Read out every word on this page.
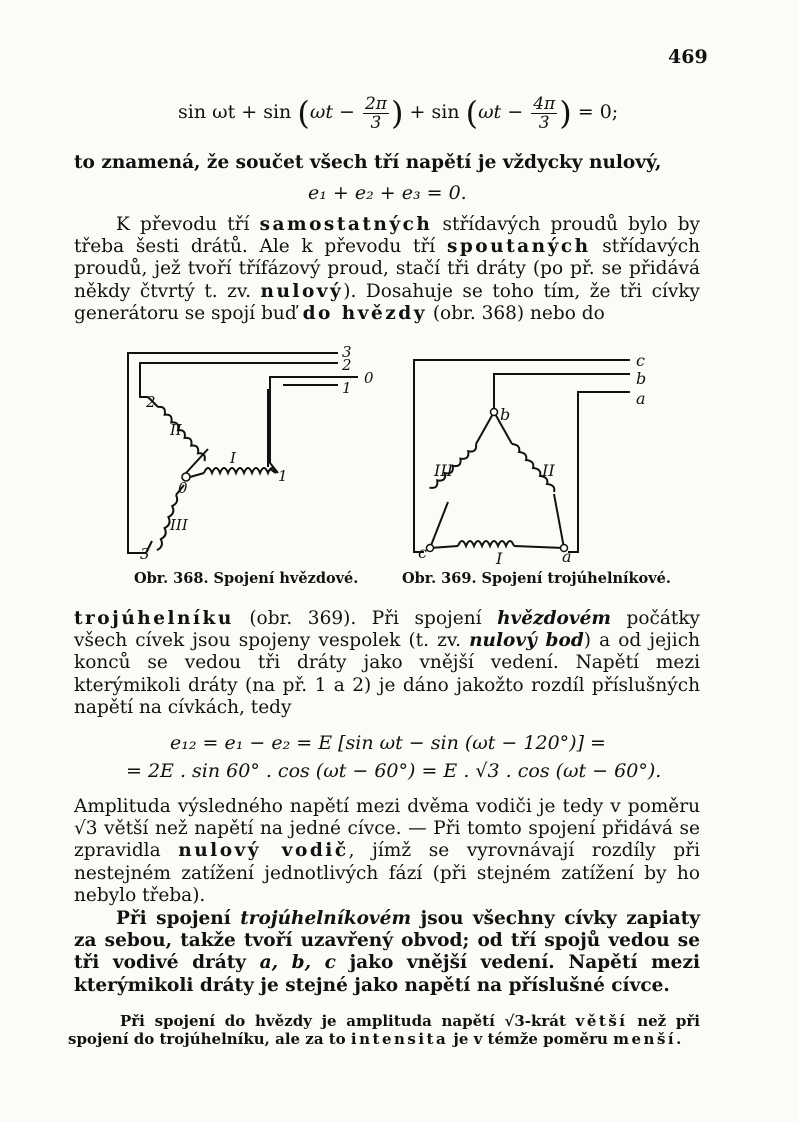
469
$\sin \omega t + \sin (\omega t - \frac{2\pi}{3}$ ) + $\sin (\omega t - \frac{4\pi}{3}$ ) = 0;

to znamená, že součet všech tří napětí je vždycky nulový,

e₁ + e₂ + e₃ = 0.

K převodu tří samostatných střídavých proudů bylo by třeba šesti drátů. Ale k převodu tří spoutaných střídavých proudů, jež tvoří třífázový proud, stačí tři dráty (po př. se přidává někdy čtvrtý t. zv. nulový). Dosahuje se toho tím, že tři cívky generátoru se spojí buď do hvězdy (obr. 368) nebo do

3
2
0
1
2
II
I
1
0
III
3
Obr. 368. Spojení hvězdové.
c
b
a
b
III	II
c	I	a
Obr. 369. Spojení trojúhelníkové.

trojúhelníku (obr. 369). Při spojení hvězdovém počátky všech cívek jsou spojeny vespolek (t. zv. nulový bod) a od jejich konců se vedou tři dráty jako vnější vedení. Napětí mezi kterýmikoli dráty (na př. 1 a 2) je dáno jakožto rozdíl příslušných napětí na cívkách, tedy

e₁₂ = e₁ − e₂ = E [sin ωt − sin (ωt − 120°)] =
= 2E . sin 60° . cos (ωt − 60°) = E . √3 . cos (ωt − 60°).

Amplituda výsledného napětí mezi dvěma vodiči je tedy v poměru √3 větší než napětí na jedné cívce. — Při tomto spojení přidává se zpravidla nulový vodič, jímž se vyrovnávají rozdíly při nestejném zatížení jednotlivých fází (při stejném zatížení by ho nebylo třeba).

Při spojení trojúhelníkovém jsou všechny cívky zapiaty za sebou, takže tvoří uzavřený obvod; od tří spojů vedou se tři vodivé dráty a, b, c jako vnější vedení. Napětí mezi kterýmikoli dráty je stejné jako napětí na příslušné cívce.

Při spojení do hvězdy je amplituda napětí √3-krát větší než při spojení do trojúhelníku, ale za to intensita je v témže poměru menší.
